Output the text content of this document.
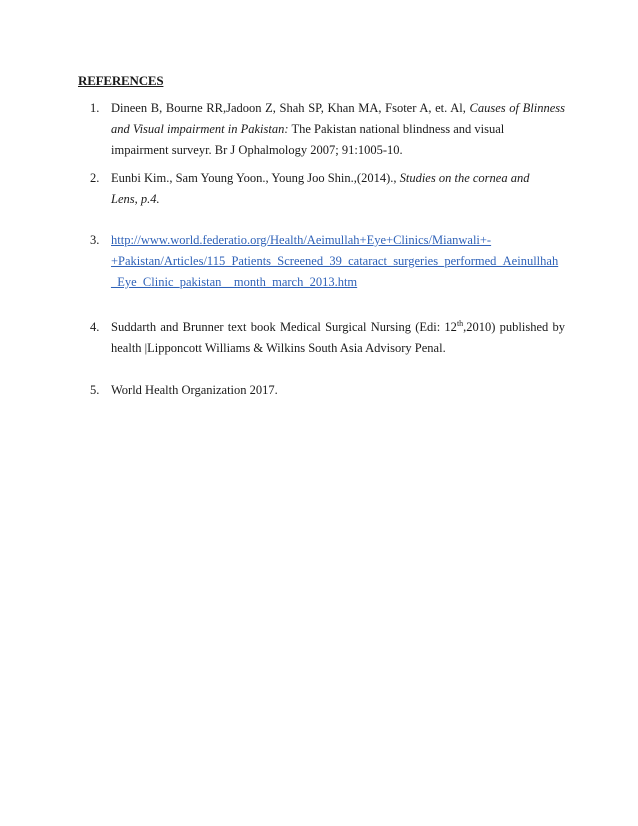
REFERENCES
1. Dineen B, Bourne RR,Jadoon Z, Shah SP, Khan MA, Fsoter A, et. Al, Causes of Blinness
and Visual impairment in Pakistan: The Pakistan national blindness and visual
impairment surveyr. Br J Ophalmology 2007; 91:1005-10.
2. Eunbi Kim., Sam Young Yoon., Young Joo Shin.,(2014)., Studies on the cornea and
Lens, p.4.
3. http://www.world.federatio.org/Health/Aeimullah+Eye+Clinics/Mianwali+-
+Pakistan/Articles/115_Patients_Screened_39_cataract_surgeries_performed_Aeinullhah
_Eye_Clinic_pakistan__month_march_2013.htm
4. Suddarth and Brunner text book Medical Surgical Nursing (Edi: 12th,2010) published by
health |Lipponcott Williams & Wilkins South Asia Advisory Penal.
5. World Health Organization 2017.
